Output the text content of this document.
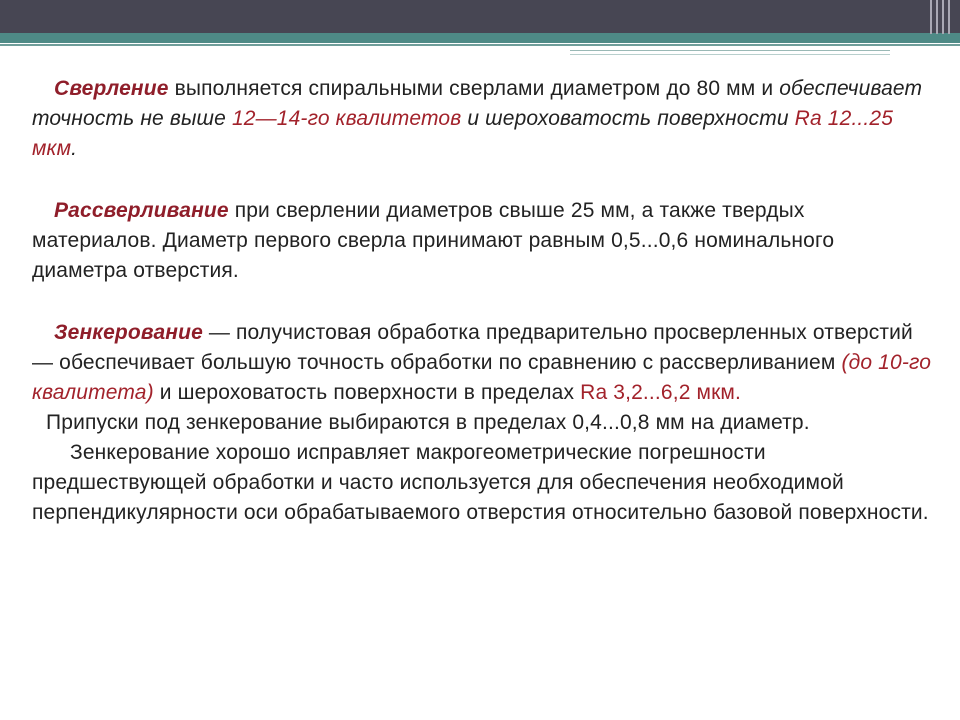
Сверление выполняется спиральными сверлами диаметром до 80 мм и обеспечивает точность не выше 12—14-го квалитетов и шероховатость поверхности Ra 12...25 мкм.

Рассверливание при сверлении диаметров свыше 25 мм, а также твердых материалов. Диаметр первого сверла принимают равным 0,5...0,6 номинального диаметра отверстия.

Зенкерование — получистовая обработка предварительно просверленных отверстий — обеспечивает большую точность обработки по сравнению с рассверливанием (до 10-го квалитета) и шероховатость поверхности в пределах Ra 3,2...6,2 мкм.

Припуски под зенкерование выбираются в пределах 0,4...0,8 мм на диаметр.

Зенкерование хорошо исправляет макрогеометрические погрешности предшествующей обработки и часто используется для обеспечения необходимой перпендикулярности оси обрабатываемого отверстия относительно базовой поверхности.
